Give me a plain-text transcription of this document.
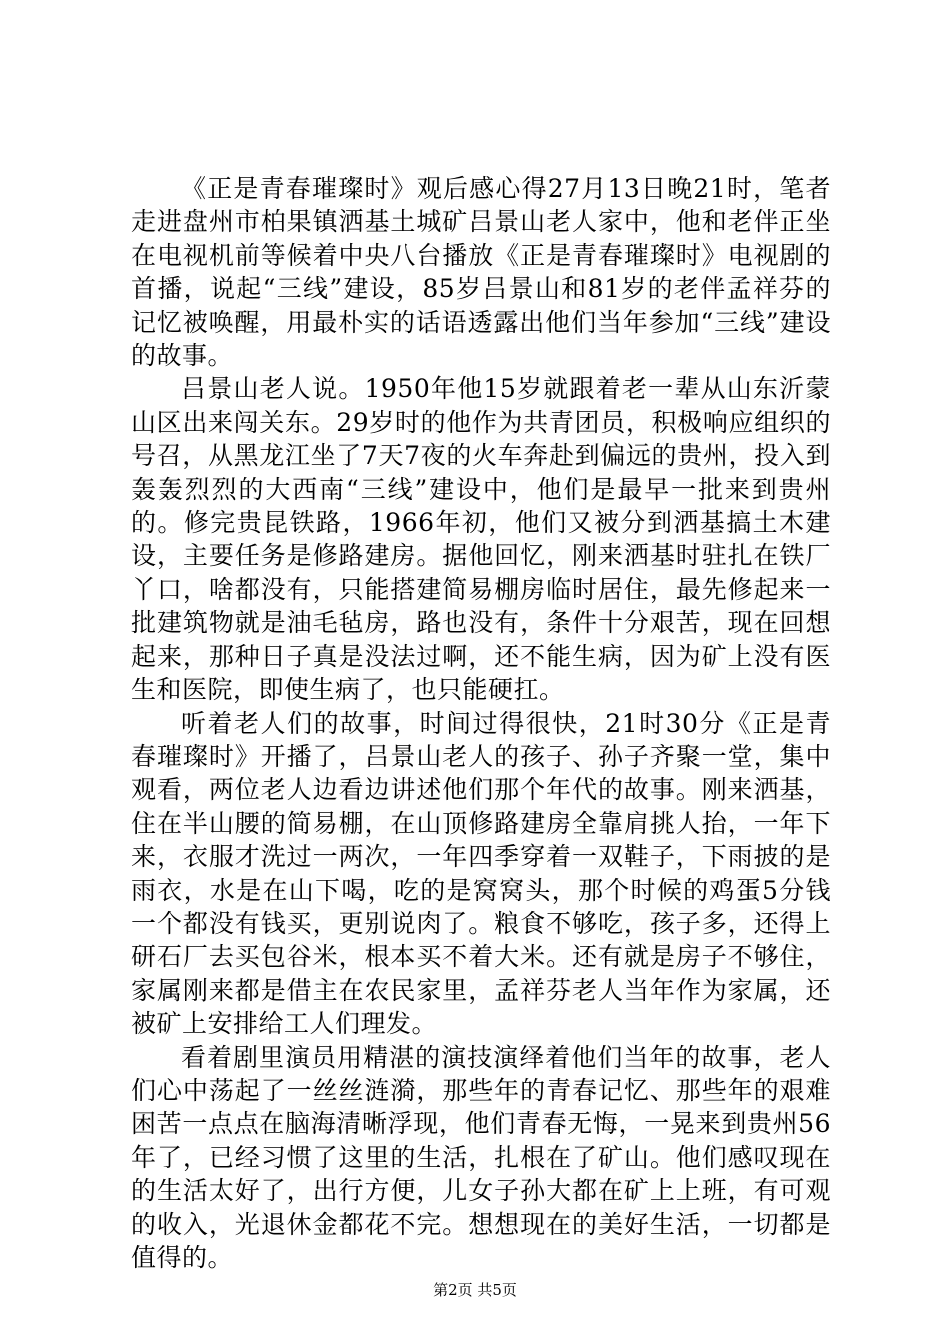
《正是青春璀璨时》观后感心得27月13日晚21时，笔者走进盘州市柏果镇洒基土城矿吕景山老人家中，他和老伴正坐在电视机前等候着中央八台播放《正是青春璀璨时》电视剧的首播，说起“三线”建设，85岁吕景山和81岁的老伴孟祥芬的记忆被唤醒，用最朴实的话语透露出他们当年参加“三线”建设的故事。

吕景山老人说。1950年他15岁就跟着老一辈从山东沂蒙山区出来闯关东。29岁时的他作为共青团员，积极响应组织的号召，从黑龙江坐了7天7夜的火车奔赴到偏远的贵州，投入到轰轰烈烈的大西南“三线”建设中，他们是最早一批来到贵州的。修完贵昆铁路，1966年初，他们又被分到洒基搞土木建设，主要任务是修路建房。据他回忆，刚来洒基时驻扎在铁厂丫口，啥都没有，只能搭建简易棚房临时居住，最先修起来一批建筑物就是油毛毡房，路也没有，条件十分艰苦，现在回想起来，那种日子真是没法过啊，还不能生病，因为矿上没有医生和医院，即使生病了，也只能硬扛。

听着老人们的故事，时间过得很快，21时30分《正是青春璀璨时》开播了，吕景山老人的孩子、孙子齐聚一堂，集中观看，两位老人边看边讲述他们那个年代的故事。刚来洒基，住在半山腰的简易棚，在山顶修路建房全靠肩挑人抬，一年下来，衣服才洗过一两次，一年四季穿着一双鞋子，下雨披的是雨衣，水是在山下喝，吃的是窝窝头，那个时候的鸡蛋5分钱一个都没有钱买，更别说肉了。粮食不够吃，孩子多，还得上研石厂去买包谷米，根本买不着大米。还有就是房子不够住，家属刚来都是借主在农民家里，孟祥芬老人当年作为家属，还被矿上安排给工人们理发。

看着剧里演员用精湛的演技演绎着他们当年的故事，老人们心中荡起了一丝丝涟漪，那些年的青春记忆、那些年的艰难困苦一点点在脑海清晰浮现，他们青春无悔，一晃来到贵州56年了，已经习惯了这里的生活，扎根在了矿山。他们感叹现在的生活太好了，出行方便，儿女子孙大都在矿上上班，有可观的收入，光退休金都花不完。想想现在的美好生活，一切都是值得的。

第2页 共5页
